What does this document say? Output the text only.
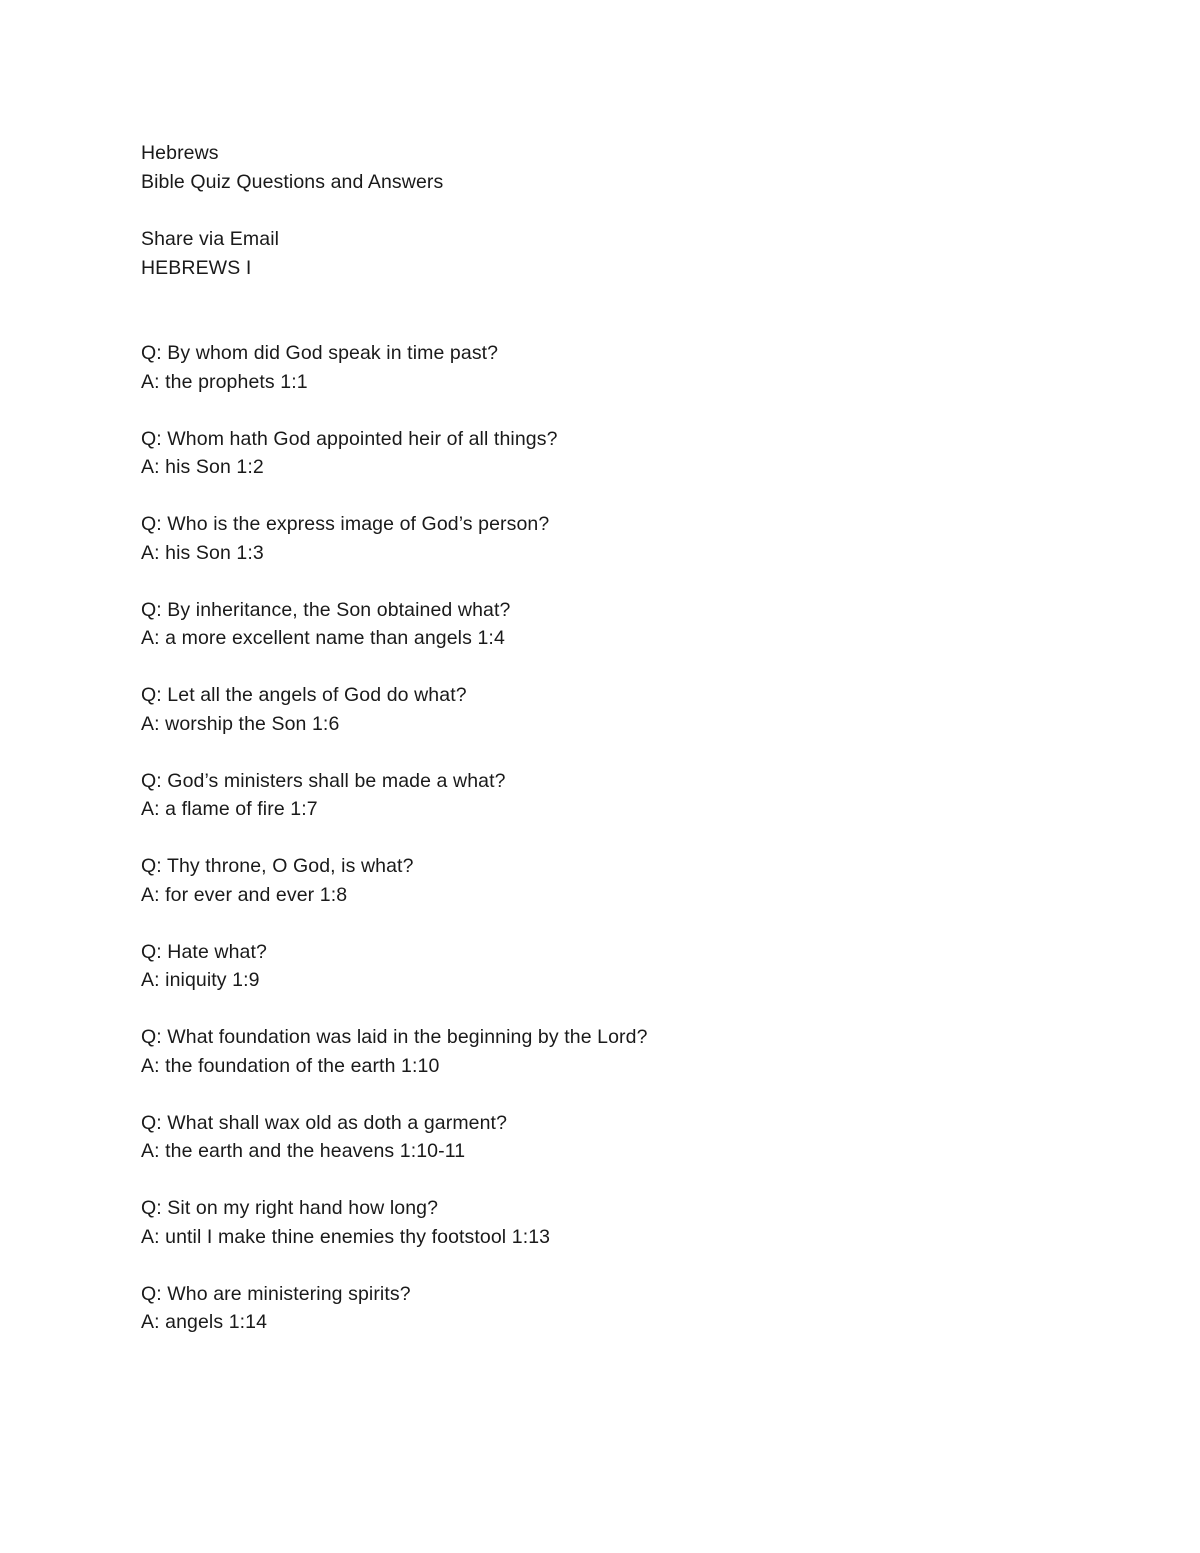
Hebrews
Bible Quiz Questions and Answers
Share via Email
HEBREWS I
Q: By whom did God speak in time past?
A: the prophets 1:1
Q: Whom hath God appointed heir of all things?
A: his Son 1:2
Q: Who is the express image of God’s person?
A: his Son 1:3
Q: By inheritance, the Son obtained what?
A: a more excellent name than angels 1:4
Q: Let all the angels of God do what?
A: worship the Son 1:6
Q: God’s ministers shall be made a what?
A: a flame of fire 1:7
Q: Thy throne, O God, is what?
A: for ever and ever 1:8
Q: Hate what?
A: iniquity 1:9
Q: What foundation was laid in the beginning by the Lord?
A: the foundation of the earth 1:10
Q: What shall wax old as doth a garment?
A: the earth and the heavens 1:10-11
Q: Sit on my right hand how long?
A: until I make thine enemies thy footstool 1:13
Q: Who are ministering spirits?
A: angels 1:14
